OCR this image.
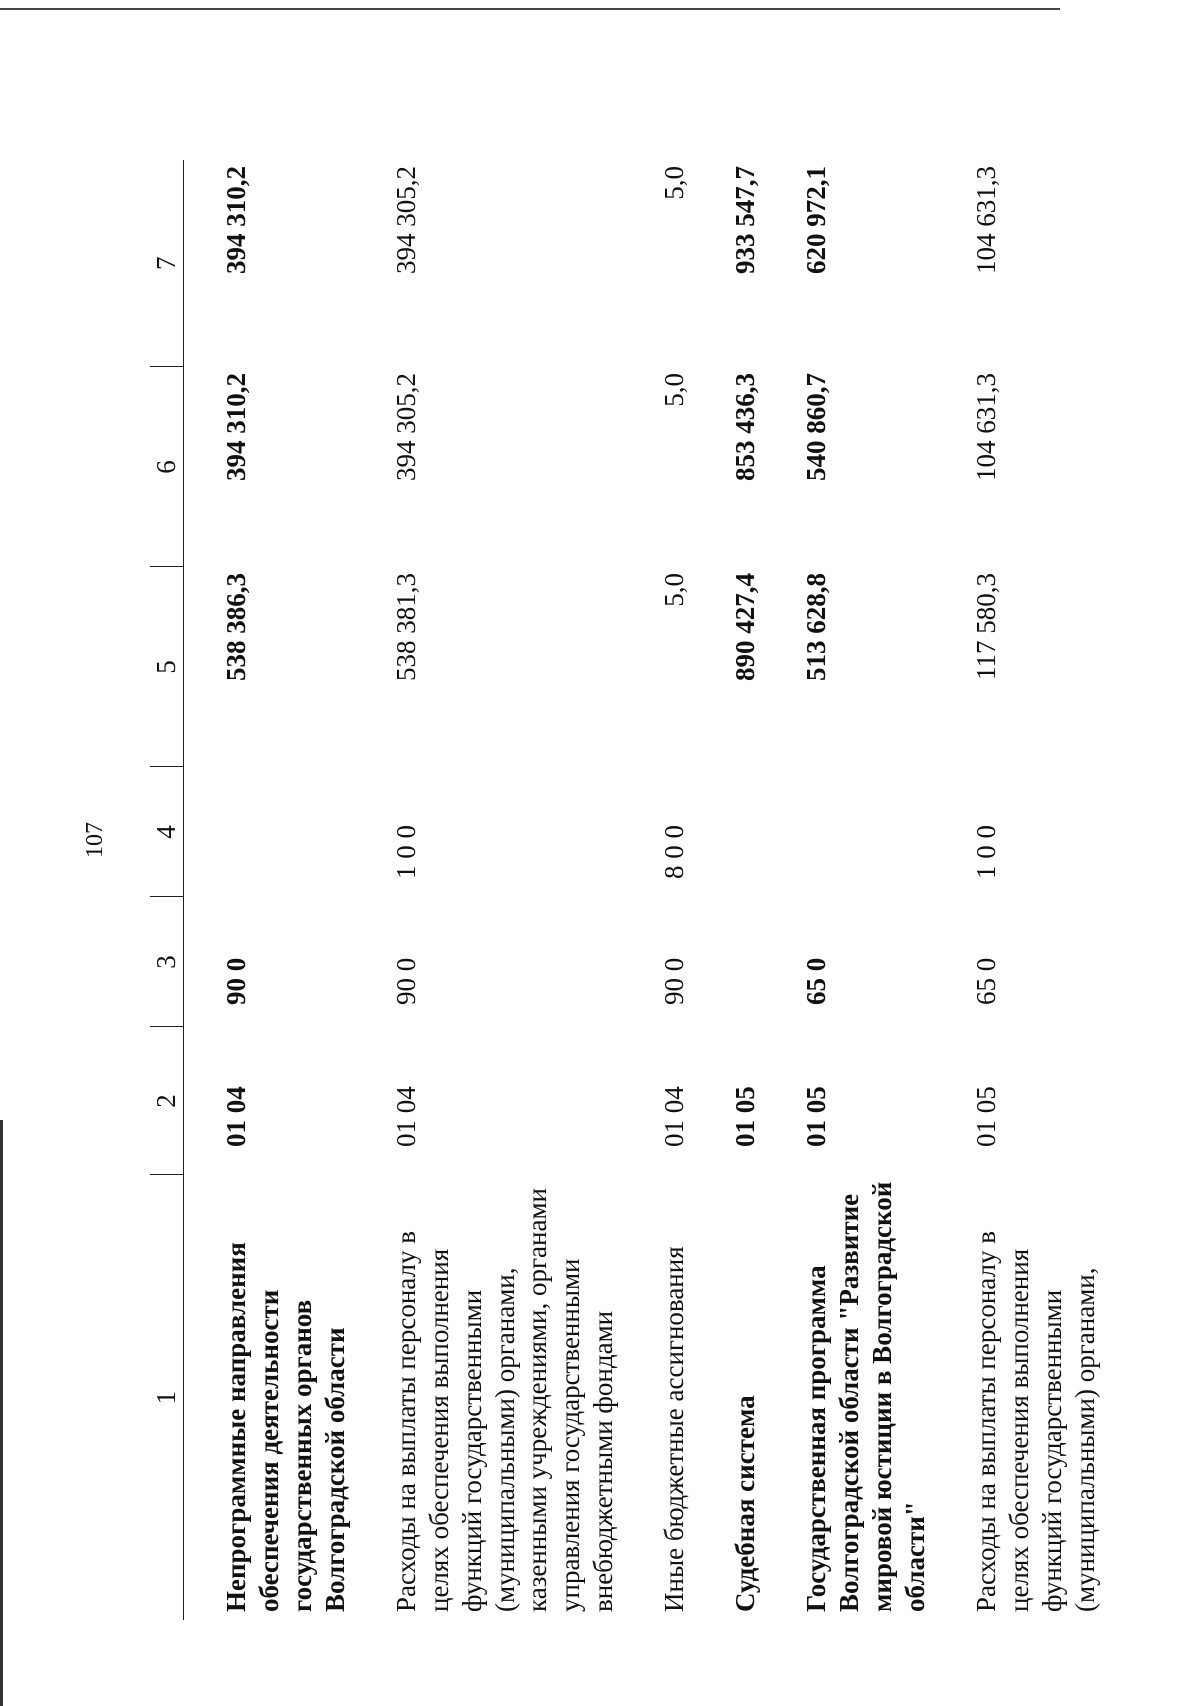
107
1	2	3	4	5	6	7
Непрограммные направления обеспечения деятельности государственных органов Волгоградской области	01 04	90 0		538 386,3	394 310,2	394 310,2
Расходы на выплаты персоналу в целях обеспечения выполнения функций государственными (муниципальными) органами, казенными учреждениями, органами управления государственными внебюджетными фондами	01 04	90 0	1 0 0	538 381,3	394 305,2	394 305,2
Иные бюджетные ассигнования	01 04	90 0	8 0 0	5,0	5,0	5,0
Судебная система	01 05			890 427,4	853 436,3	933 547,7
Государственная программа Волгоградской области "Развитие мировой юстиции в Волгоградской области"	01 05	65 0		513 628,8	540 860,7	620 972,1
Расходы на выплаты персоналу в целях обеспечения выполнения функций государственными (муниципальными) органами,	01 05	65 0	1 0 0	117 580,3	104 631,3	104 631,3
